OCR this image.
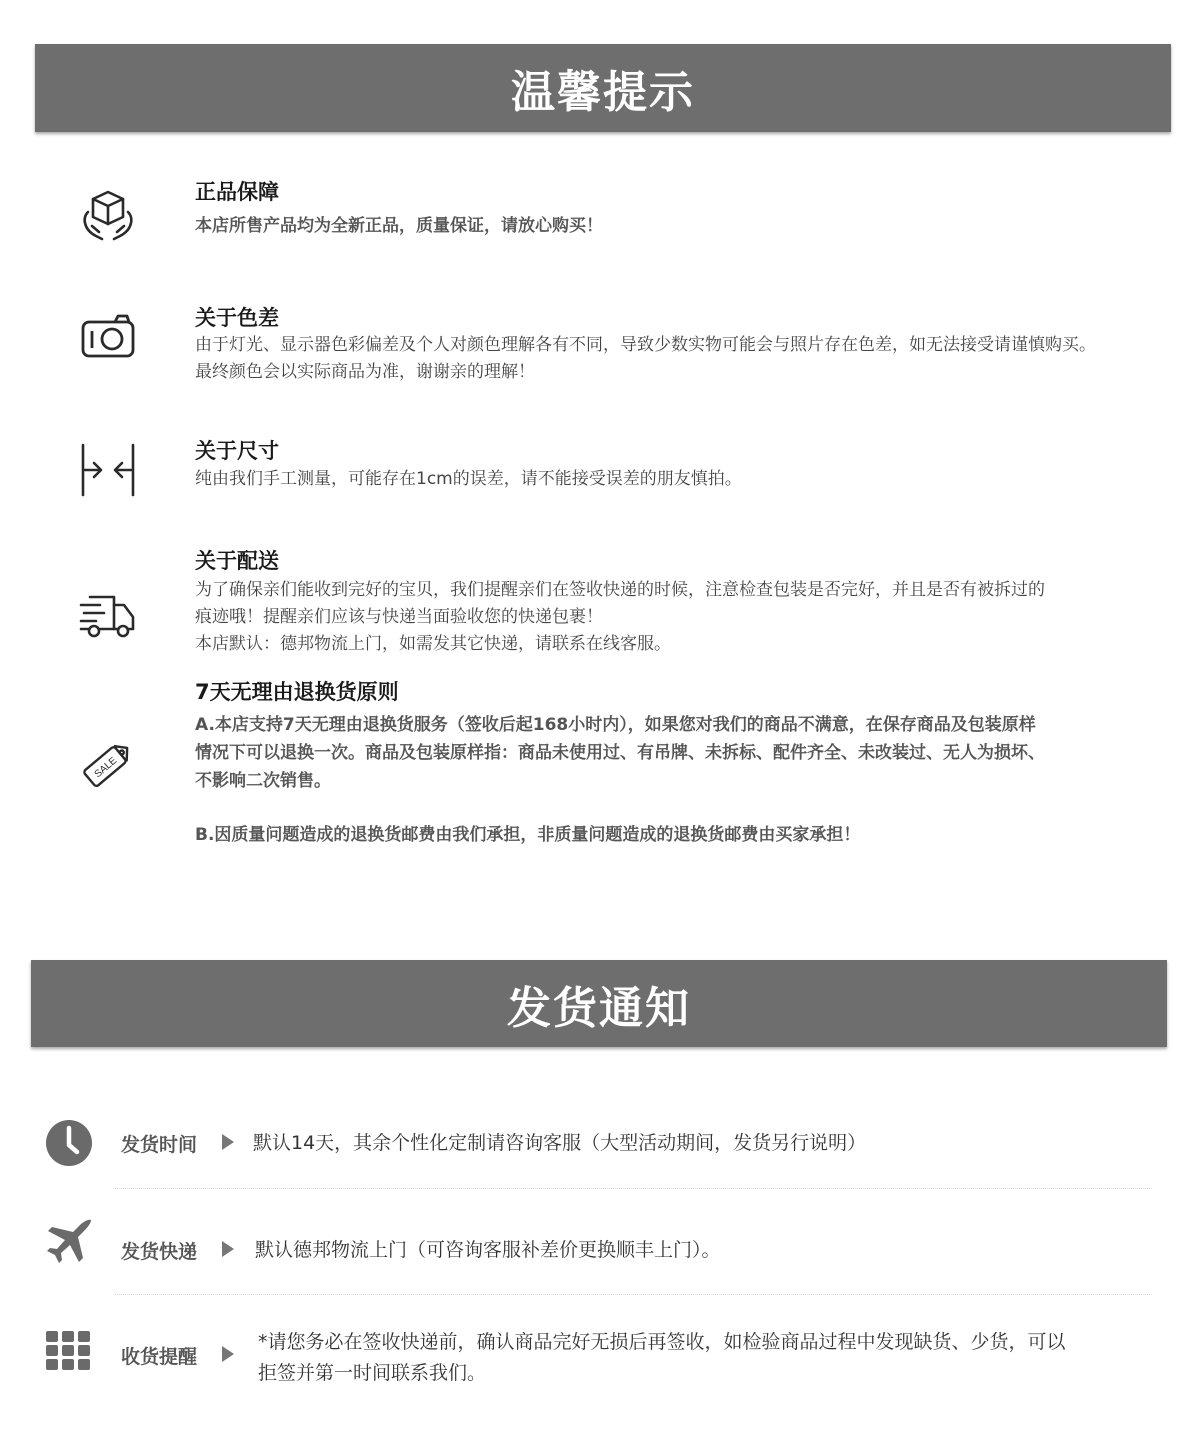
温馨提示
正品保障
本店所售产品均为全新正品，质量保证，请放心购买！
关于色差
由于灯光、显示器色彩偏差及个人对颜色理解各有不同，导致少数实物可能会与照片存在色差，如无法接受请谨慎购买。
最终颜色会以实际商品为准，谢谢亲的理解！
关于尺寸
纯由我们手工测量，可能存在1cm的误差，请不能接受误差的朋友慎拍。
关于配送
为了确保亲们能收到完好的宝贝，我们提醒亲们在签收快递的时候，注意检查包装是否完好，并且是否有被拆过的
痕迹哦！提醒亲们应该与快递当面验收您的快递包裹！
本店默认：德邦物流上门，如需发其它快递，请联系在线客服。
SALE
7天无理由退换货原则
A.本店支持7天无理由退换货服务（签收后起168小时内），如果您对我们的商品不满意，在保存商品及包装原样
情况下可以退换一次。商品及包装原样指：商品未使用过、有吊牌、未拆标、配件齐全、未改装过、无人为损坏、
不影响二次销售。
B.因质量问题造成的退换货邮费由我们承担，非质量问题造成的退换货邮费由买家承担！
发货通知
发货时间	默认14天，其余个性化定制请咨询客服（大型活动期间，发货另行说明）
发货快递	默认德邦物流上门（可咨询客服补差价更换顺丰上门）。
收货提醒
*请您务必在签收快递前，确认商品完好无损后再签收，如检验商品过程中发现缺货、少货，可以
拒签并第一时间联系我们。
